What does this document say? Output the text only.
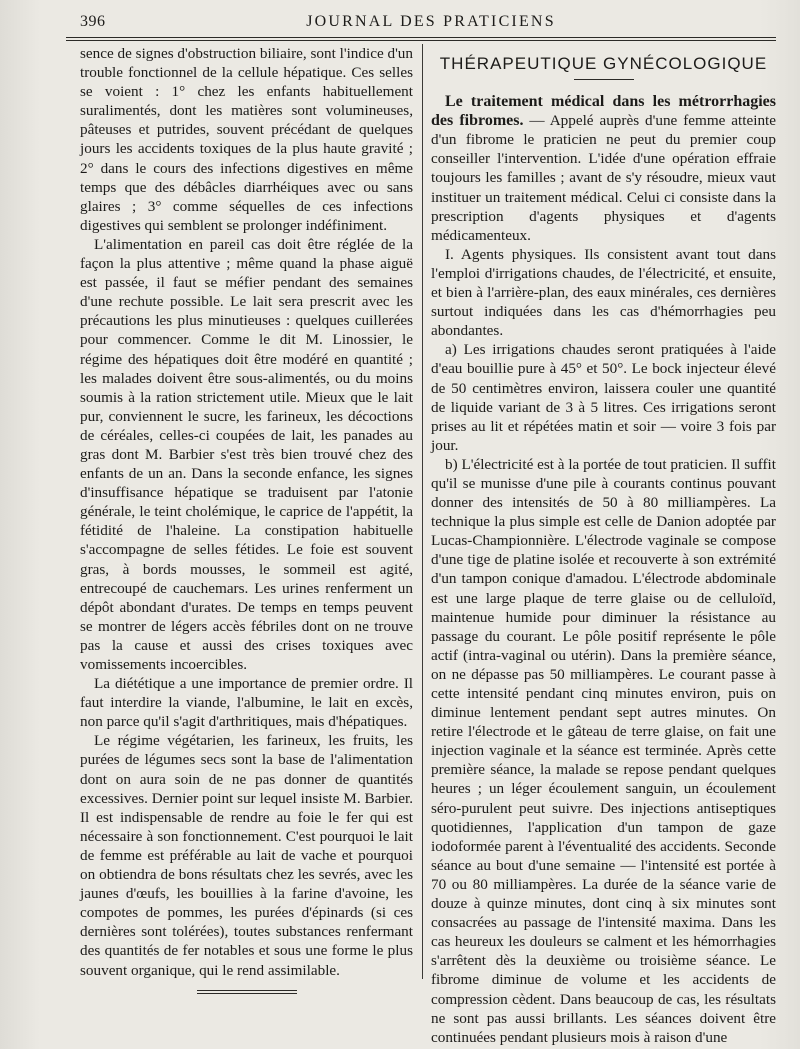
396	JOURNAL DES PRATICIENS

sence de signes d'obstruction biliaire, sont l'indice d'un trouble fonctionnel de la cellule hépatique. Ces selles se voient : 1° chez les enfants habituellement suralimentés, dont les matières sont volumineuses, pâteuses et putrides, souvent précédant de quelques jours les accidents toxiques de la plus haute gravité ; 2° dans le cours des infections digestives en même temps que des débâcles diarrhéiques avec ou sans glaires ; 3° comme séquelles de ces infections digestives qui semblent se prolonger indéfiniment.

L'alimentation en pareil cas doit être réglée de la façon la plus attentive ; même quand la phase aiguë est passée, il faut se méfier pendant des semaines d'une rechute possible. Le lait sera prescrit avec les précautions les plus minutieuses : quelques cuillerées pour commencer. Comme le dit M. Linossier, le régime des hépatiques doit être modéré en quantité ; les malades doivent être sous-alimentés, ou du moins soumis à la ration strictement utile. Mieux que le lait pur, conviennent le sucre, les farineux, les décoctions de céréales, celles-ci coupées de lait, les panades au gras dont M. Barbier s'est très bien trouvé chez des enfants de un an. Dans la seconde enfance, les signes d'insuffisance hépatique se traduisent par l'atonie générale, le teint cholémique, le caprice de l'appétit, la fétidité de l'haleine. La constipation habituelle s'accompagne de selles fétides. Le foie est souvent gras, à bords mousses, le sommeil est agité, entrecoupé de cauchemars. Les urines renferment un dépôt abondant d'urates. De temps en temps peuvent se montrer de légers accès fébriles dont on ne trouve pas la cause et aussi des crises toxiques avec vomissements incoercibles.

La diététique a une importance de premier ordre. Il faut interdire la viande, l'albumine, le lait en excès, non parce qu'il s'agit d'arthritiques, mais d'hépatiques.

Le régime végétarien, les farineux, les fruits, les purées de légumes secs sont la base de l'alimentation dont on aura soin de ne pas donner de quantités excessives. Dernier point sur lequel insiste M. Barbier. Il est indispensable de rendre au foie le fer qui est nécessaire à son fonctionnement. C'est pourquoi le lait de femme est préférable au lait de vache et pourquoi on obtiendra de bons résultats chez les sevrés, avec les jaunes d'œufs, les bouillies à la farine d'avoine, les compotes de pommes, les purées d'épinards (si ces dernières sont tolérées), toutes substances renfermant des quantités de fer notables et sous une forme le plus souvent organique, qui le rend assimilable.

THÉRAPEUTIQUE GYNÉCOLOGIQUE

Le traitement médical dans les métrorrhagies des fibromes. — Appelé auprès d'une femme atteinte d'un fibrome le praticien ne peut du premier coup conseiller l'intervention. L'idée d'une opération effraie toujours les familles ; avant de s'y résoudre, mieux vaut instituer un traitement médical. Celui ci consiste dans la prescription d'agents physiques et d'agents médicamenteux.

I. Agents physiques. Ils consistent avant tout dans l'emploi d'irrigations chaudes, de l'électricité, et ensuite, et bien à l'arrière-plan, des eaux minérales, ces dernières surtout indiquées dans les cas d'hémorrhagies peu abondantes.

a) Les irrigations chaudes seront pratiquées à l'aide d'eau bouillie pure à 45° et 50°. Le bock injecteur élevé de 50 centimètres environ, laissera couler une quantité de liquide variant de 3 à 5 litres. Ces irrigations seront prises au lit et répétées matin et soir — voire 3 fois par jour.

b) L'électricité est à la portée de tout praticien. Il suffit qu'il se munisse d'une pile à courants continus pouvant donner des intensités de 50 à 80 milliampères. La technique la plus simple est celle de Danion adoptée par Lucas-Championnière. L'électrode vaginale se compose d'une tige de platine isolée et recouverte à son extrémité d'un tampon conique d'amadou. L'électrode abdominale est une large plaque de terre glaise ou de celluloïd, maintenue humide pour diminuer la résistance au passage du courant. Le pôle positif représente le pôle actif (intra-vaginal ou utérin). Dans la première séance, on ne dépasse pas 50 milliampères. Le courant passe à cette intensité pendant cinq minutes environ, puis on diminue lentement pendant sept autres minutes. On retire l'électrode et le gâteau de terre glaise, on fait une injection vaginale et la séance est terminée. Après cette première séance, la malade se repose pendant quelques heures ; un léger écoulement sanguin, un écoulement séro-purulent peut suivre. Des injections antiseptiques quotidiennes, l'application d'un tampon de gaze iodoformée parent à l'éventualité des accidents. Seconde séance au bout d'une semaine — l'intensité est portée à 70 ou 80 milliampères. La durée de la séance varie de douze à quinze minutes, dont cinq à six minutes sont consacrées au passage de l'intensité maxima. Dans les cas heureux les douleurs se calment et les hémorrhagies s'arrêtent dès la deuxième ou troisième séance. Le fibrome diminue de volume et les accidents de compression cèdent. Dans beaucoup de cas, les résultats ne sont pas aussi brillants. Les séances doivent être continuées pendant plusieurs mois à raison d'une
